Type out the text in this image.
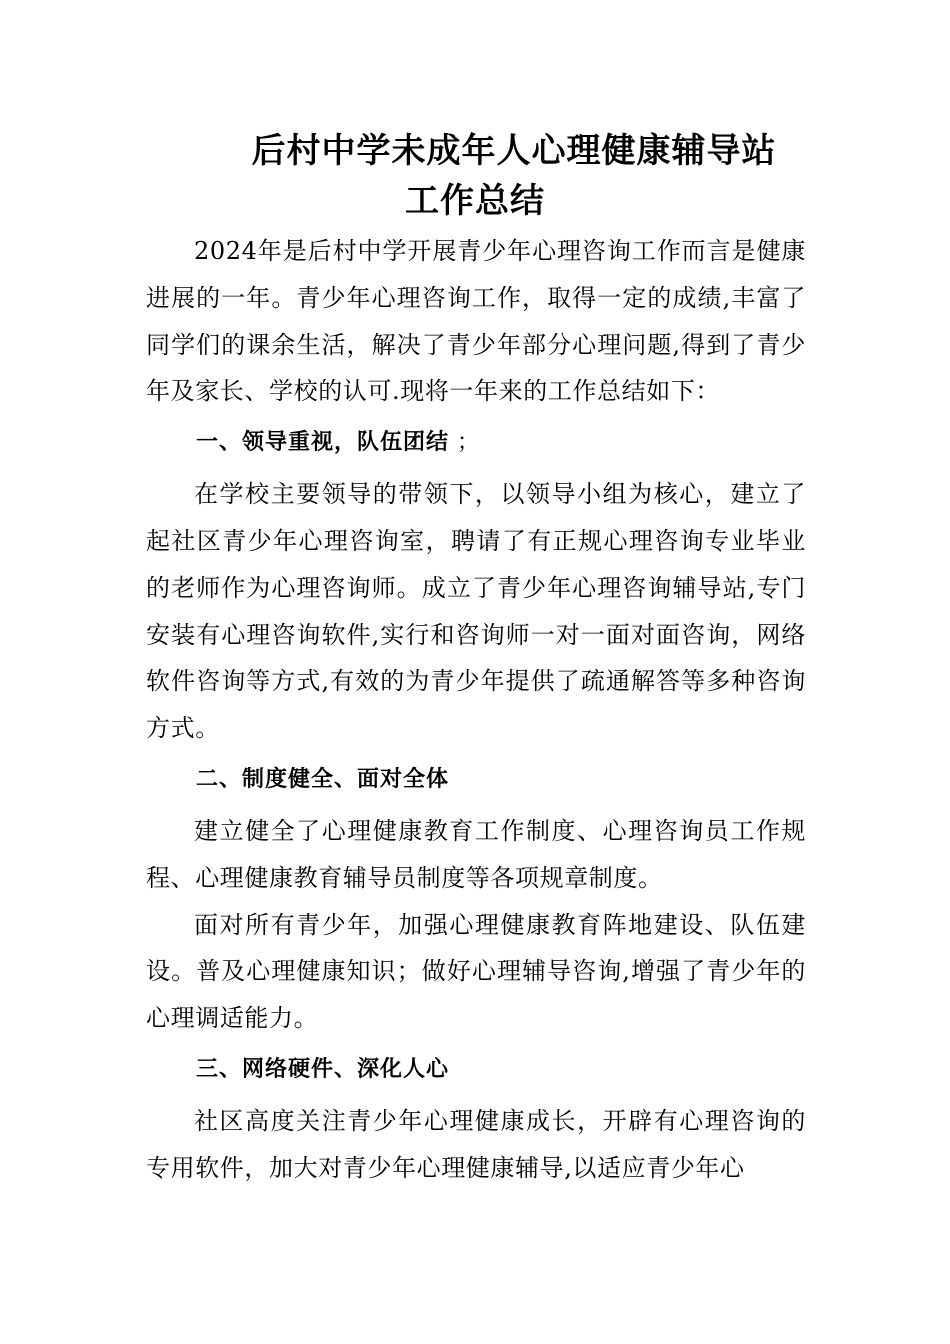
后村中学未成年人心理健康辅导站
工作总结

2024年是后村中学开展青少年心理咨询工作而言是健康进展的一年。青少年心理咨询工作，取得一定的成绩,丰富了同学们的课余生活，解决了青少年部分心理问题,得到了青少年及家长、学校的认可.现将一年来的工作总结如下：

一、领导重视，队伍团结 ；

在学校主要领导的带领下，以领导小组为核心，建立了起社区青少年心理咨询室，聘请了有正规心理咨询专业毕业的老师作为心理咨询师。成立了青少年心理咨询辅导站,专门安装有心理咨询软件,实行和咨询师一对一面对面咨询，网络软件咨询等方式,有效的为青少年提供了疏通解答等多种咨询方式。

二、制度健全、面对全体

建立健全了心理健康教育工作制度、心理咨询员工作规程、心理健康教育辅导员制度等各项规章制度。

面对所有青少年，加强心理健康教育阵地建设、队伍建设。普及心理健康知识；做好心理辅导咨询,增强了青少年的心理调适能力。

三、网络硬件、深化人心

社区高度关注青少年心理健康成长，开辟有心理咨询的专用软件，加大对青少年心理健康辅导,以适应青少年心
